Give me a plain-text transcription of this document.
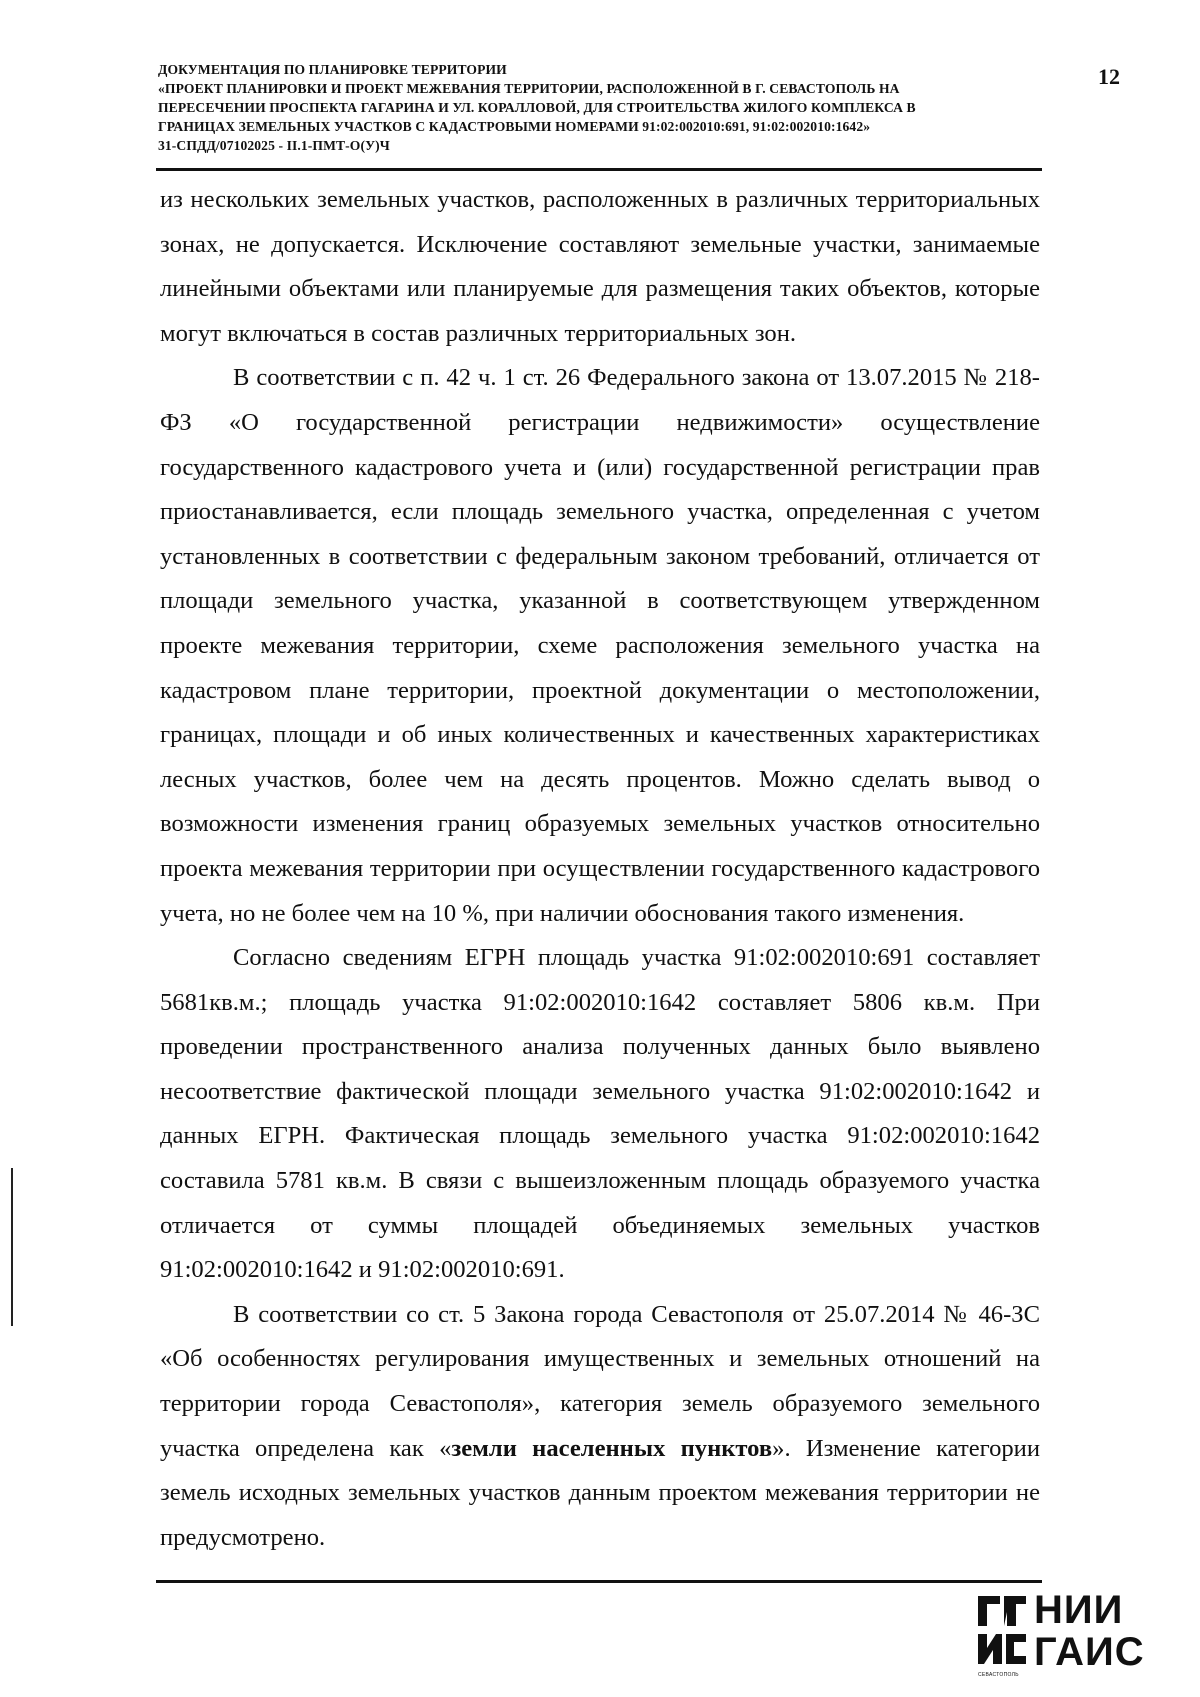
ДОКУМЕНТАЦИЯ ПО ПЛАНИРОВКЕ ТЕРРИТОРИИ
«ПРОЕКТ ПЛАНИРОВКИ И ПРОЕКТ МЕЖЕВАНИЯ ТЕРРИТОРИИ, РАСПОЛОЖЕННОЙ В Г. СЕВАСТОПОЛЬ НА
ПЕРЕСЕЧЕНИИ ПРОСПЕКТА ГАГАРИНА И УЛ. КОРАЛЛОВОЙ, ДЛЯ СТРОИТЕЛЬСТВА ЖИЛОГО КОМПЛЕКСА В
ГРАНИЦАХ ЗЕМЕЛЬНЫХ УЧАСТКОВ С КАДАСТРОВЫМИ НОМЕРАМИ 91:02:002010:691, 91:02:002010:1642»
31-СПДД/07102025 - II.1-ПМТ-О(У)Ч
12

из нескольких земельных участков, расположенных в различных территориальных зонах, не допускается. Исключение составляют земельные участки, занимаемые линейными объектами или планируемые для размещения таких объектов, которые могут включаться в состав различных территориальных зон.

В соответствии с п. 42 ч. 1 ст. 26 Федерального закона от 13.07.2015 № 218-ФЗ «О государственной регистрации недвижимости» осуществление государственного кадастрового учета и (или) государственной регистрации прав приостанавливается, если площадь земельного участка, определенная с учетом установленных в соответствии с федеральным законом требований, отличается от площади земельного участка, указанной в соответствующем утвержденном проекте межевания территории, схеме расположения земельного участка на кадастровом плане территории, проектной документации о местоположении, границах, площади и об иных количественных и качественных характеристиках лесных участков, более чем на десять процентов. Можно сделать вывод о возможности изменения границ образуемых земельных участков относительно проекта межевания территории при осуществлении государственного кадастрового учета, но не более чем на 10 %, при наличии обоснования такого изменения.

Согласно сведениям ЕГРН площадь участка 91:02:002010:691 составляет 5681кв.м.; площадь участка 91:02:002010:1642 составляет 5806 кв.м. При проведении пространственного анализа полученных данных было выявлено несоответствие фактической площади земельного участка 91:02:002010:1642 и данных ЕГРН. Фактическая площадь земельного участка 91:02:002010:1642 составила 5781 кв.м. В связи с вышеизложенным площадь образуемого участка отличается от суммы площадей объединяемых земельных участков 91:02:002010:1642 и 91:02:002010:691.

В соответствии со ст. 5 Закона города Севастополя от 25.07.2014 № 46-ЗС «Об особенностях регулирования имущественных и земельных отношений на территории города Севастополя», категория земель образуемого земельного участка определена как «земли населенных пунктов». Изменение категории земель исходных земельных участков данным проектом межевания территории не предусмотрено.

СЕВАСТОПОЛЬ
НИИ
ГАИС
